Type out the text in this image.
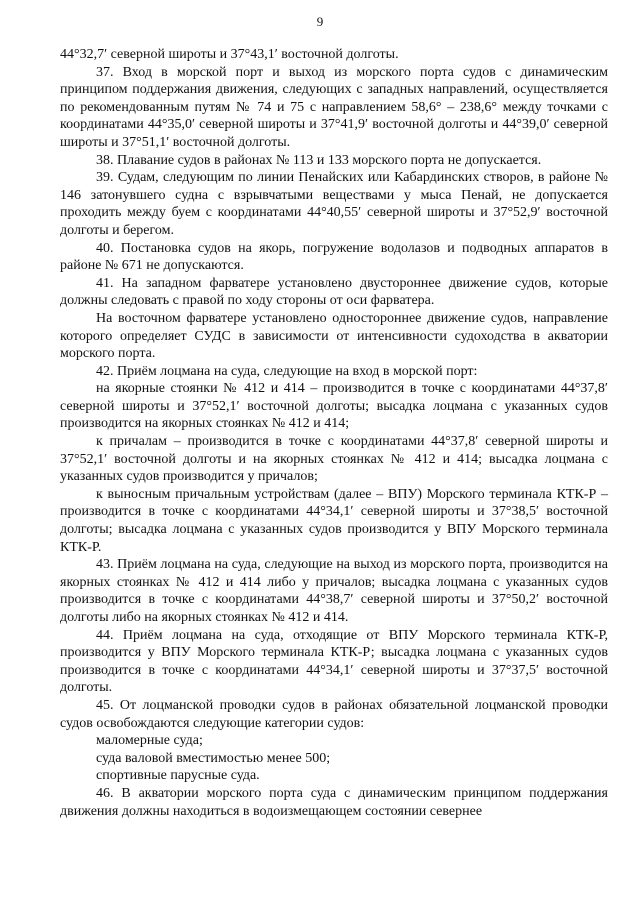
9

44°32,7′ северной широты и 37°43,1′ восточной долготы.

37. Вход в морской порт и выход из морского порта судов с динамическим принципом поддержания движения, следующих с западных направлений, осуществляется по рекомендованным путям № 74 и 75 с направлением 58,6° – 238,6° между точками с координатами 44°35,0′ северной широты и 37°41,9′ восточной долготы и 44°39,0′ северной широты и 37°51,1′ восточной долготы.

38. Плавание судов в районах № 113 и 133 морского порта не допускается.

39. Судам, следующим по линии Пенайских или Кабардинских створов, в районе № 146 затонувшего судна с взрывчатыми веществами у мыса Пенай, не допускается проходить между буем с координатами 44°40,55′ северной широты и 37°52,9′ восточной долготы и берегом.

40. Постановка судов на якорь, погружение водолазов и подводных аппаратов в районе № 671 не допускаются.

41. На западном фарватере установлено двустороннее движение судов, которые должны следовать с правой по ходу стороны от оси фарватера.

На восточном фарватере установлено одностороннее движение судов, направление которого определяет СУДС в зависимости от интенсивности судоходства в акватории морского порта.

42. Приём лоцмана на суда, следующие на вход в морской порт:

на якорные стоянки № 412 и 414 – производится в точке с координатами 44°37,8′ северной широты и 37°52,1′ восточной долготы; высадка лоцмана с указанных судов производится на якорных стоянках № 412 и 414;

к причалам – производится в точке с координатами 44°37,8′ северной широты и 37°52,1′ восточной долготы и на якорных стоянках № 412 и 414; высадка лоцмана с указанных судов производится у причалов;

к выносным причальным устройствам (далее – ВПУ) Морского терминала КТК-Р – производится в точке с координатами 44°34,1′ северной широты и 37°38,5′ восточной долготы; высадка лоцмана с указанных судов производится у ВПУ Морского терминала КТК-Р.

43. Приём лоцмана на суда, следующие на выход из морского порта, производится на якорных стоянках № 412 и 414 либо у причалов; высадка лоцмана с указанных судов производится в точке с координатами 44°38,7′ северной широты и 37°50,2′ восточной долготы либо на якорных стоянках № 412 и 414.

44. Приём лоцмана на суда, отходящие от ВПУ Морского терминала КТК-Р, производится у ВПУ Морского терминала КТК-Р; высадка лоцмана с указанных судов производится в точке с координатами 44°34,1′ северной широты и 37°37,5′ восточной долготы.

45. От лоцманской проводки судов в районах обязательной лоцманской проводки судов освобождаются следующие категории судов:

маломерные суда;

суда валовой вместимостью менее 500;

спортивные парусные суда.

46. В акватории морского порта суда с динамическим принципом поддержания движения должны находиться в водоизмещающем состоянии севернее
